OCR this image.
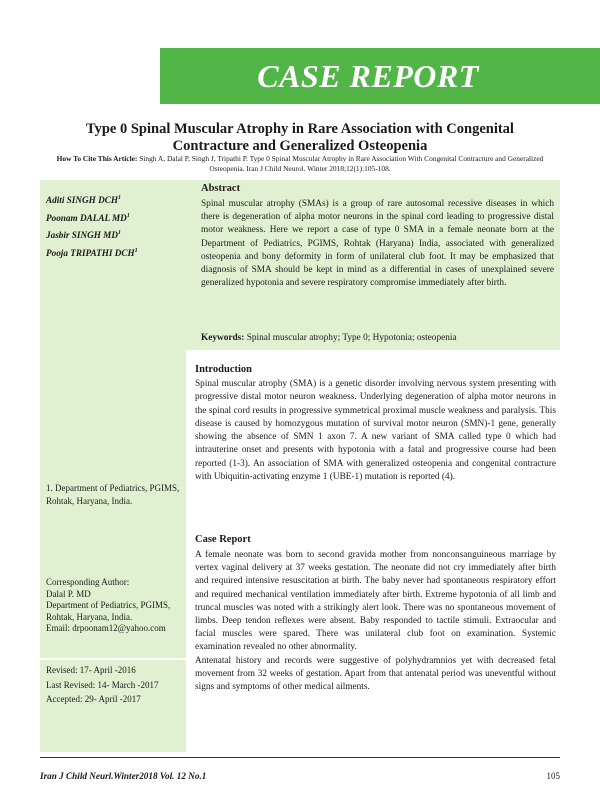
CASE REPORT
Type 0 Spinal Muscular Atrophy in Rare Association with Congenital
Contracture and Generalized Osteopenia
How To Cite This Article: Singh A, Dalal P, Singh J, Tripathi P. Type 0 Spinal Muscular Atrophy in Rare Association With Congenital Contracture and Generalized Osteopenia. Iran J Child Neurol. Winter 2018;12(1):105-108.
Aditi SINGH DCH$^1$
Poonam DALAL $MD^1$
Jasbir SINGH $MD^1$
Pooja TRIPATHI DCH$^1$
1. Department of Pediatrics, PGIMS, Rohtak, Haryana, India.
Corresponding Author:
Dalal P. MD
Department of Pediatrics, PGIMS, Rohtak, Haryana, India.
Email: drpoonam12@yahoo.com
Revised: 17- April -2016
Last Revised: 14- March -2017
Accepted: 29- April -2017
Abstract

Spinal muscular atrophy (SMAs) is a group of rare autosomal recessive diseases in which there is degeneration of alpha motor neurons in the spinal cord leading to progressive distal motor weakness. Here we report a case of type 0 SMA in a female neonate born at the Department of Pediatrics, PGIMS, Rohtak (Haryana) India, associated with generalized osteopenia and bony deformity in form of unilateral club foot. It may be emphasized that diagnosis of SMA should be kept in mind as a differential in cases of unexplained severe generalized hypotonia and severe respiratory compromise immediately after birth.

Keywords: Spinal muscular atrophy; Type 0; Hypotonia; osteopenia
Introduction

Spinal muscular atrophy (SMA) is a genetic disorder involving nervous system presenting with progressive distal motor neuron weakness. Underlying degeneration of alpha motor neurons in the spinal cord results in progressive symmetrical proximal muscle weakness and paralysis. This disease is caused by homozygous mutation of survival motor neuron (SMN)-1 gene, generally showing the absence of SMN 1 axon 7. A new variant of SMA called type 0 which had intrauterine onset and presents with hypotonia with a fatal and progressive course had been reported (1-3). An association of SMA with generalized osteopenia and congenital contracture with Ubiquitin-activating enzyme 1 (UBE-1) mutation is reported (4).

Case Report

A female neonate was born to second gravida mother from nonconsanguineous marriage by vertex vaginal delivery at 37 weeks gestation. The neonate did not cry immediately after birth and required intensive resuscitation at birth. The baby never had spontaneous respiratory effort and required mechanical ventilation immediately after birth. Extreme hypotonia of all limb and truncal muscles was noted with a strikingly alert look. There was no spontaneous movement of limbs. Deep tendon reflexes were absent. Baby responded to tactile stimuli. Extraocular and facial muscles were spared. There was unilateral club foot on examination. Systemic examination revealed no other abnormality.

Antenatal history and records were suggestive of polyhydramnios yet with decreased fetal movement from 32 weeks of gestation. Apart from that antenatal period was uneventful without signs and symptoms of other medical ailments.

Iran J Child Neurl.Winter2018 Vol. 12 No.1	105
